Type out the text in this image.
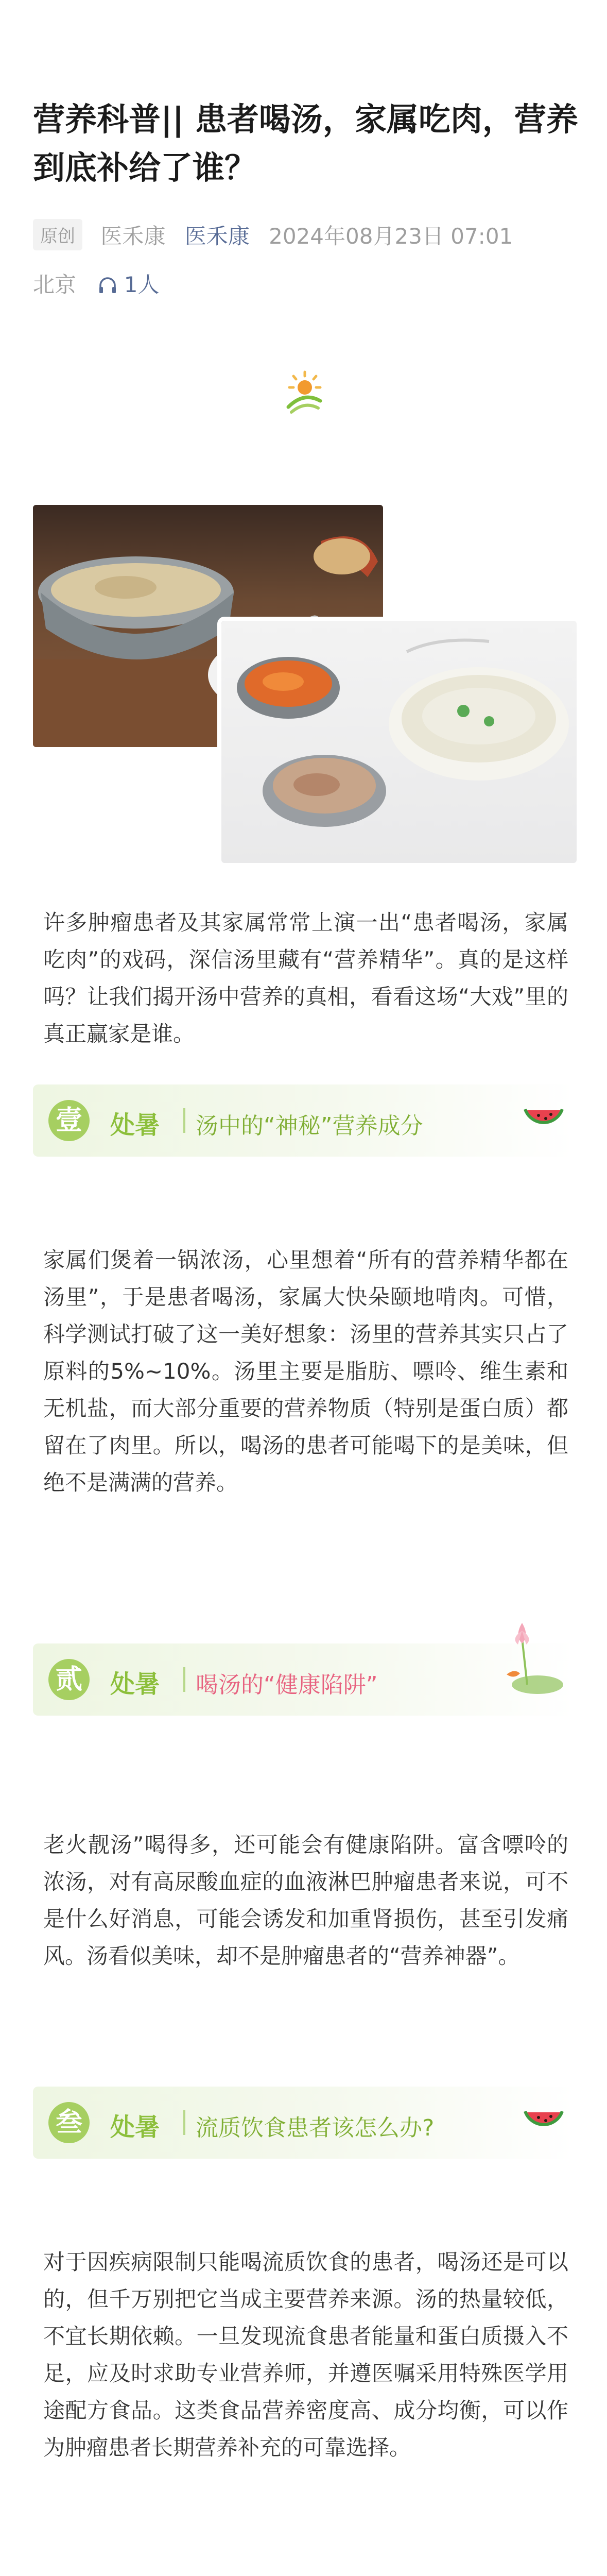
营养科普|| 患者喝汤，家属吃肉，营养到底补给了谁？
原创 医禾康 医禾康 2024年08月23日 07:01
北京 1人
许多肿瘤患者及其家属常常上演一出“患者喝汤，家属吃肉”的戏码，深信汤里藏有“营养精华”。真的是这样吗？让我们揭开汤中营养的真相，看看这场“大戏”里的真正赢家是谁。
壹 处暑 汤中的“神秘”营养成分
家属们煲着一锅浓汤，心里想着“所有的营养精华都在汤里”，于是患者喝汤，家属大快朵颐地啃肉。可惜，科学测试打破了这一美好想象：汤里的营养其实只占了原料的5%~10%。汤里主要是脂肪、嘌呤、维生素和无机盐，而大部分重要的营养物质（特别是蛋白质）都留在了肉里。所以，喝汤的患者可能喝下的是美味，但绝不是满满的营养。
贰 处暑 喝汤的“健康陷阱”
老火靓汤”喝得多，还可能会有健康陷阱。富含嘌呤的浓汤，对有高尿酸血症的血液淋巴肿瘤患者来说，可不是什么好消息，可能会诱发和加重肾损伤，甚至引发痛风。汤看似美味，却不是肿瘤患者的“营养神器”。
叁 处暑 流质饮食患者该怎么办?
对于因疾病限制只能喝流质饮食的患者，喝汤还是可以的，但千万别把它当成主要营养来源。汤的热量较低，不宜长期依赖。一旦发现流食患者能量和蛋白质摄入不足，应及时求助专业营养师，并遵医嘱采用特殊医学用途配方食品。这类食品营养密度高、成分均衡，可以作为肿瘤患者长期营养补充的可靠选择。
